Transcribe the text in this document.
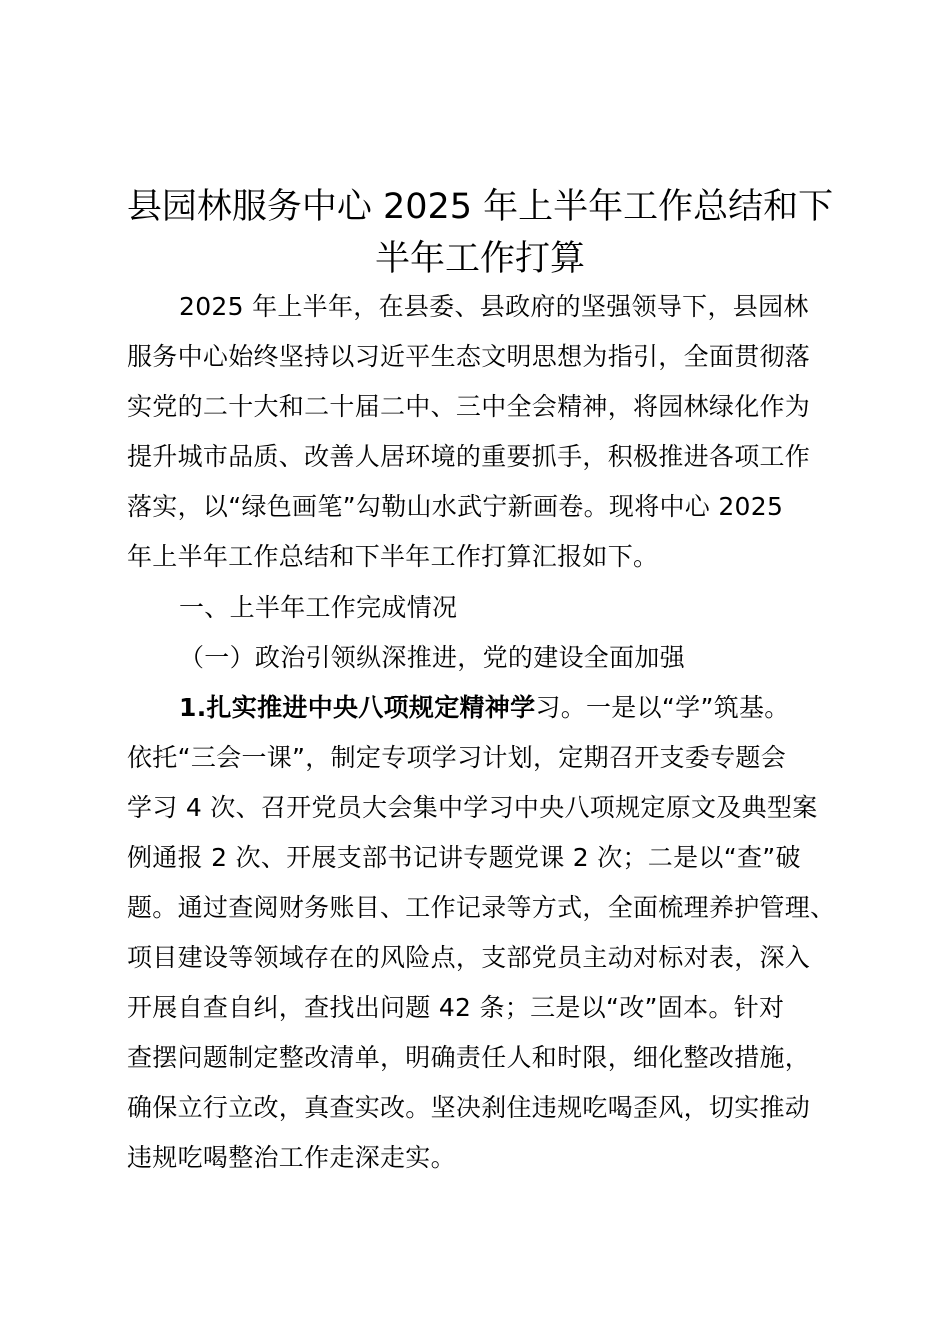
县园林服务中心 2025 年上半年工作总结和下
半年工作打算
2025 年上半年，在县委、县政府的坚强领导下，县园林
服务中心始终坚持以习近平生态文明思想为指引，全面贯彻落
实党的二十大和二十届二中、三中全会精神，将园林绿化作为
提升城市品质、改善人居环境的重要抓手，积极推进各项工作
落实，以“绿色画笔”勾勒山水武宁新画卷。现将中心 2025
年上半年工作总结和下半年工作打算汇报如下。
一、上半年工作完成情况
（一）政治引领纵深推进，党的建设全面加强
1.扎实推进中央八项规定精神学习。一是以“学”筑基。
依托“三会一课”，制定专项学习计划，定期召开支委专题会
学习 4 次、召开党员大会集中学习中央八项规定原文及典型案
例通报 2 次、开展支部书记讲专题党课 2 次；二是以“查”破
题。通过查阅财务账目、工作记录等方式，全面梳理养护管理、
项目建设等领域存在的风险点，支部党员主动对标对表，深入
开展自查自纠，查找出问题 42 条；三是以“改”固本。针对
查摆问题制定整改清单，明确责任人和时限，细化整改措施，
确保立行立改，真查实改。坚决刹住违规吃喝歪风，切实推动
违规吃喝整治工作走深走实。
